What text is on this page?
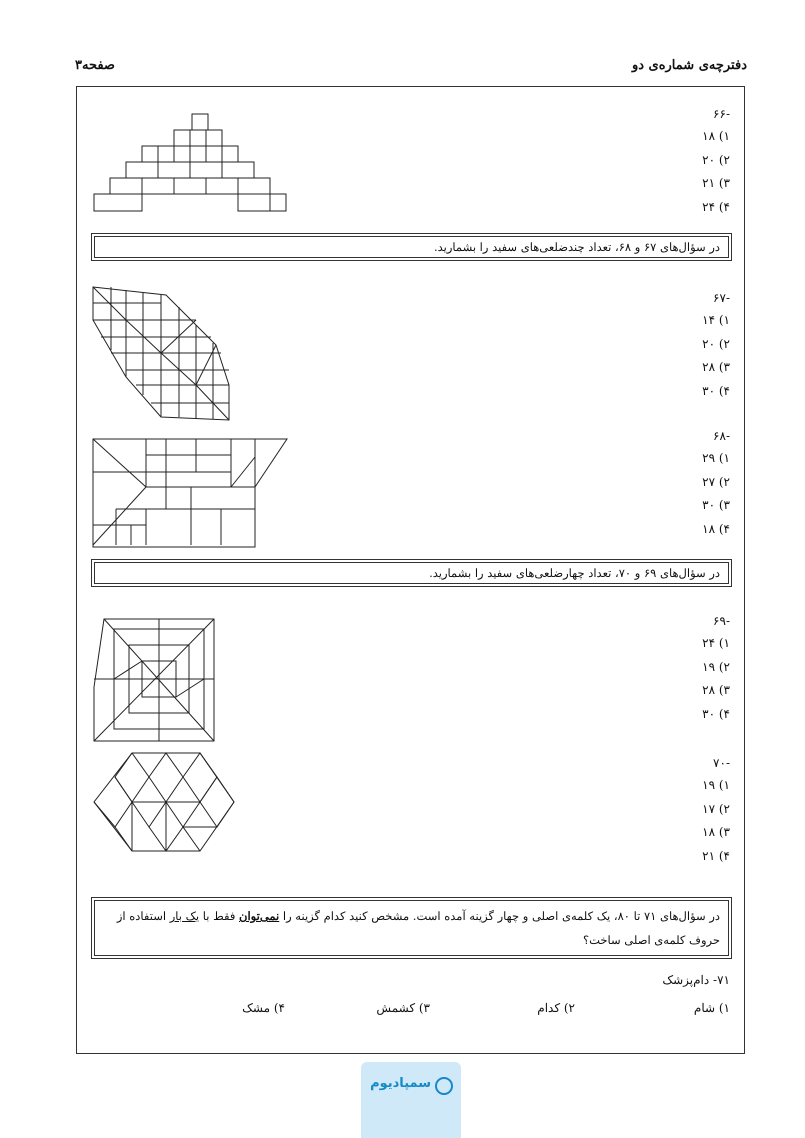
دفترچه‌ی شماره‌ی دو
صفحه۳
-۶۶
۱) ۱۸
۲) ۲۰
۳) ۲۱
۴) ۲۴
در سؤال‌های ۶۷ و ۶۸، تعداد چندضلعی‌های سفید را بشمارید.
-۶۷
۱) ۱۴
۲) ۲۰
۳) ۲۸
۴) ۳۰
-۶۸
۱) ۲۹
۲) ۲۷
۳) ۳۰
۴) ۱۸
در سؤال‌های ۶۹ و ۷۰، تعداد چهارضلعی‌های سفید را بشمارید.
-۶۹
۱) ۲۴
۲) ۱۹
۳) ۲۸
۴) ۳۰
-۷۰
۱) ۱۹
۲) ۱۷
۳) ۱۸
۴) ۲۱
در سؤال‌های ۷۱ تا ۸۰، یک کلمه‌ی اصلی و چهار گزینه آمده است. مشخص کنید کدام گزینه را نمی‌توان فقط با یک بار استفاده از حروف کلمه‌ی اصلی ساخت؟
۷۱- دام‌پزشک
۱) شام
۲) کدام
۳) کشمش
۴) مشک
سمپادیوم
